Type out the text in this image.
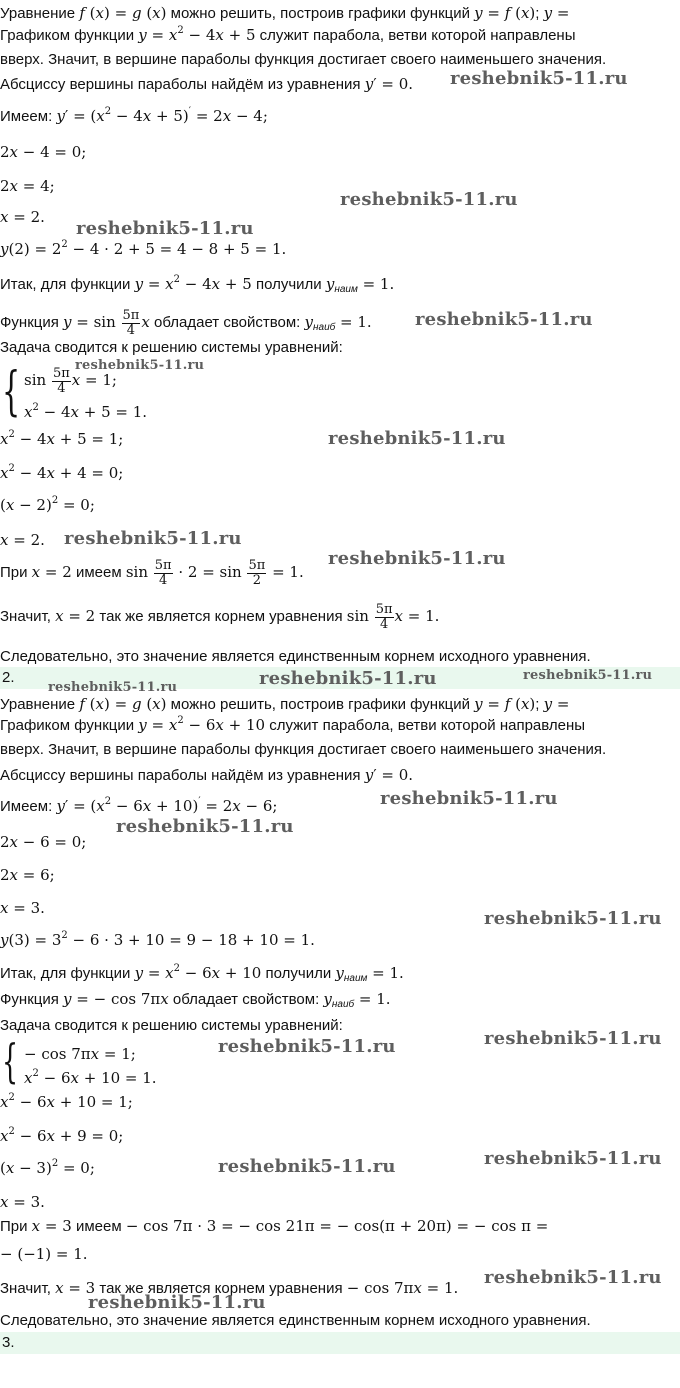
Уравнение f (x) = g (x) можно решить, построив графики функций y = f (x); y =
Графиком функции $y = x^2 - 4x + 5$ служит парабола, ветви которой направлены
вверх. Значит, в вершине параболы функция достигает своего наименьшего значения.
Абсциссу вершины параболы найдём из уравнения y′ = 0.
Имеем: $y' = (x^2 - 4x + 5)' = 2x - 4$;
2x − 4 = 0;
2x = 4;
x = 2.
$y(2) = 2^2 - 4 \cdot 2 + 5 = 4 - 8 + 5 = 1$.
Итак, для функции $y = x^2 - 4x + 5$ получили $y_{наим} = 1$.
Функция $y = \sin \frac{5\pi}{4}$ x обладает свойством: $y_{наиб} = 1$.
Задача сводится к решению системы уравнений:
{ $\sin \frac{5\pi}{4}$ x = 1;
$x^2 - 4x + 5 = 1$.
$x^2 - 4x + 5 = 1$;
$x^2 - 4x + 4 = 0$;
$(x - 2)^2 = 0$;
x = 2.
При x = 2 имеем $\sin \frac{5\pi}{4} \cdot 2 = \sin \frac{5\pi}{2} = 1$.
Значит, x = 2 так же является корнем уравнения $\sin \frac{5\pi}{4}$ x = 1.
Следовательно, это значение является единственным корнем исходного уравнения.
2.
Уравнение f (x) = g (x) можно решить, построив графики функций y = f (x); y =
Графиком функции $y = x^2 - 6x + 10$ служит парабола, ветви которой направлены
вверх. Значит, в вершине параболы функция достигает своего наименьшего значения.
Абсциссу вершины параболы найдём из уравнения y′ = 0.
Имеем: $y' = (x^2 - 6x + 10)' = 2x - 6$;
2x − 6 = 0;
2x = 6;
x = 3.
$y(3) = 3^2 - 6 \cdot 3 + 10 = 9 - 18 + 10 = 1$.
Итак, для функции $y = x^2 - 6x + 10$ получили $y_{наим} = 1$.
Функция y = − cos 7πx обладает свойством: $y_{наиб} = 1$.
Задача сводится к решению системы уравнений:
{ − cos 7πx = 1;
$x^2 - 6x + 10 = 1$.
$x^2 - 6x + 10 = 1$;
$x^2 - 6x + 9 = 0$;
$(x - 3)^2 = 0$;
x = 3.
При x = 3 имеем − cos 7π · 3 = − cos 21π = − cos(π + 20π) = − cos π =
− (−1) = 1.
Значит, x = 3 так же является корнем уравнения − cos 7πx = 1.
Следовательно, это значение является единственным корнем исходного уравнения.
3.
reshebnik5-11.ru
reshebnik5-11.ru
reshebnik5-11.ru
reshebnik5-11.ru
reshebnik5-11.ru
reshebnik5-11.ru
reshebnik5-11.ru
reshebnik5-11.ru
reshebnik5-11.ru
reshebnik5-11.ru
reshebnik5-11.ru
reshebnik5-11.ru
reshebnik5-11.ru
reshebnik5-11.ru
reshebnik5-11.ru
reshebnik5-11.ru
reshebnik5-11.ru
reshebnik5-11.ru
reshebnik5-11.ru
reshebnik5-11.ru
